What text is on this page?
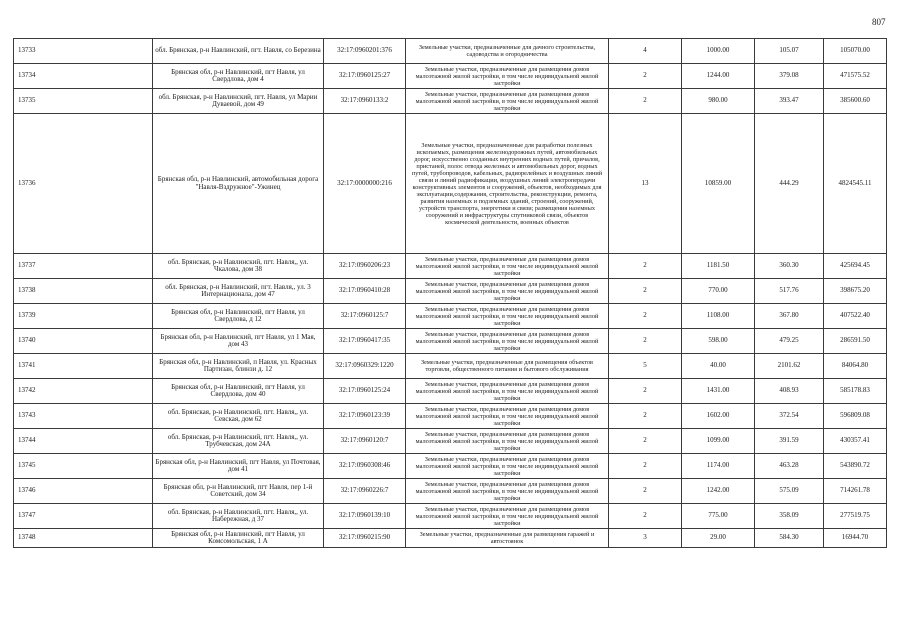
807
13733	обл. Брянская, р-н Навлинский, пгт. Навля, со Березина	32:17:0960201:376	Земельные участки, предназначенные для дачного строительства, садоводства и огородничества	4	1000.00	105.07	105070.00
13734	Брянская обл, р-н Навлинский, пгт Навля, ул Свердлова, дом 4	32:17:0960125:27	Земельные участки, предназначенные для размещения домов малоэтажной жилой застройки, в том числе индивидуальной жилой застройки	2	1244.00	379.08	471575.52
13735	обл. Брянская, р-н Навлинский, пгт. Навля, ул Марии Дуваевой, дом 49	32:17:0960133:2	Земельные участки, предназначенные для размещения домов малоэтажной жилой застройки, в том числе индивидуальной жилой застройки	2	980.00	393.47	385600.60
13736	Брянская обл, р-н Навлинский, автомобильная дорога "Навля-Вздружное"-Ужинец	32:17:0000000:216	Земельные участки, предназначенные для разработки полезных ископаемых, размещения железнодорожных путей, автомобильных дорог, искусственно созданных внутренних водных путей, причалов, пристаней, полос отвода железных и автомобильных дорог, водных путей, трубопроводов, кабельных, радиорелейных и воздушных линий связи и линий радиофикации, воздушных линий электропередачи конструктивных элементов и сооружений, объектов, необходимых для эксплуатации,содержания, строительства, реконструкции, ремонта, развития наземных и подземных зданий, строений, сооружений, устройств транспорта, энергетики и связи; размещения наземных сооружений и инфраструктуры спутниковой связи, объектов космической деятельности, военных объектов	13	10859.00	444.29	4824545.11
13737	обл. Брянская, р-н Навлинский, пгт. Навля,, ул. Чкалова, дом 38	32:17:0960206:23	Земельные участки, предназначенные для размещения домов малоэтажной жилой застройки, в том числе индивидуальной жилой застройки	2	1181.50	360.30	425694.45
13738	обл. Брянская, р-н Навлинский, пгт. Навля,, ул. 3 Интернационала, дом 47	32:17:0960410:28	Земельные участки, предназначенные для размещения домов малоэтажной жилой застройки, в том числе индивидуальной жилой застройки	2	770.00	517.76	398675.20
13739	Брянская обл, р-н Навлинский, пгт Навля, ул Свердлова, д 12	32:17:0960125:7	Земельные участки, предназначенные для размещения домов малоэтажной жилой застройки, в том числе индивидуальной жилой застройки	2	1108.00	367.80	407522.40
13740	Брянская обл, р-н Навлинский, пгт Навля, ул 1 Мая, дом 43	32:17:0960417:35	Земельные участки, предназначенные для размещения домов малоэтажной жилой застройки, в том числе индивидуальной жилой застройки	2	598.00	479.25	286591.50
13741	Брянская обл, р-н Навлинский, п Навля, ул. Красных Партизан, блинзи д. 12	32:17:0960329:1220	Земельные участки, предназначенные для размещения объектов торговли, общественного питания и бытового обслуживания	5	40.00	2101.62	84064.80
13742	Брянская обл, р-н Навлинский, пгт Навля, ул Свердлова, дом 40	32:17:0960125:24	Земельные участки, предназначенные для размещения домов малоэтажной жилой застройки, в том числе индивидуальной жилой застройки	2	1431.00	408.93	585178.83
13743	обл. Брянская, р-н Навлинский, пгт. Навля,, ул. Севская, дом 62	32:17:0960123:39	Земельные участки, предназначенные для размещения домов малоэтажной жилой застройки, в том числе индивидуальной жилой застройки	2	1602.00	372.54	596809.08
13744	обл. Брянская, р-н Навлинский, пгт. Навля,, ул. Трубчевская, дом 24А	32:17:0960120:7	Земельные участки, предназначенные для размещения домов малоэтажной жилой застройки, в том числе индивидуальной жилой застройки	2	1099.00	391.59	430357.41
13745	Брянская обл, р-н Навлинский, пгт Навля, ул Почтовая, дом 41	32:17:0960308:46	Земельные участки, предназначенные для размещения домов малоэтажной жилой застройки, в том числе индивидуальной жилой застройки	2	1174.00	463.28	543890.72
13746	Брянская обл, р-н Навлинский, пгт Навля, пер 1-й Советский, дом 34	32:17:0960226:7	Земельные участки, предназначенные для размещения домов малоэтажной жилой застройки, в том числе индивидуальной жилой застройки	2	1242.00	575.09	714261.78
13747	обл. Брянская, р-н Навлинский, пгт. Навля,, ул. Набережная, д 37	32:17:0960139:10	Земельные участки, предназначенные для размещения домов малоэтажной жилой застройки, в том числе индивидуальной жилой застройки	2	775.00	358.09	277519.75
13748	Брянская обл, р-н Навлинский, пгт Навля, ул Комсомольская, 1 А	32:17:0960215:90	Земельные участки, предназначенные для размещения гаражей и автостоянок	3	29.00	584.30	16944.70
